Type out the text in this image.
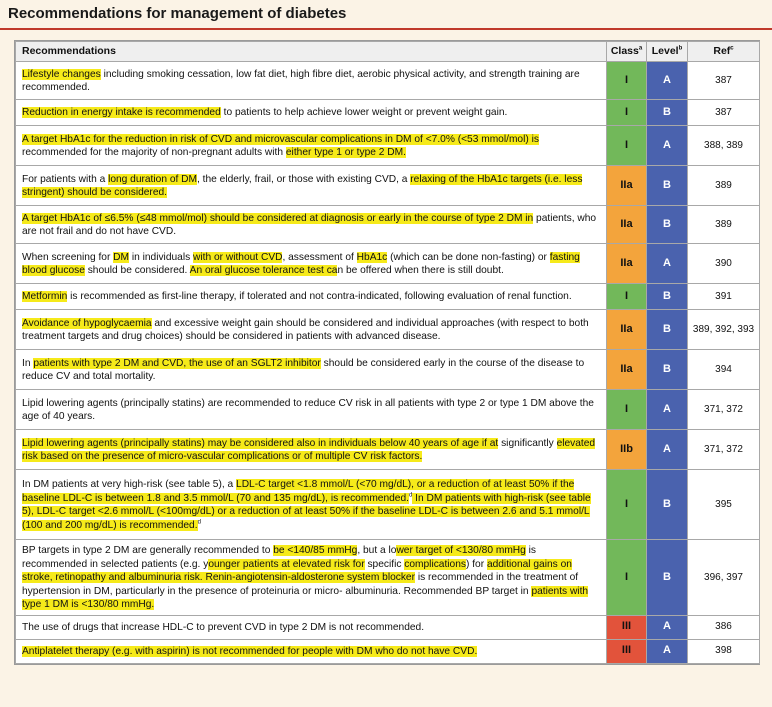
Recommendations for management of diabetes
Recommendations	Class$^a$	Level$^b$	Ref$^c$
Lifestyle changes including smoking cessation, low fat diet, high fibre diet, aerobic physical activity, and strength training are recommended.	I	A	387
Reduction in energy intake is recommended to patients to help achieve lower weight or prevent weight gain.	I	B	387
A target HbA1c for the reduction in risk of CVD and microvascular complications in DM of <7.0% (<53 mmol/mol) is recommended for the majority of non-pregnant adults with either type 1 or type 2 DM.	I	A	388, 389
For patients with a long duration of DM, the elderly, frail, or those with existing CVD, a relaxing of the HbA1c targets (i.e. less stringent) should be considered.	IIa	B	389
A target HbA1c of ≤6.5% (≤48 mmol/mol) should be considered at diagnosis or early in the course of type 2 DM in patients, who are not frail and do not have CVD.	IIa	B	389
When screening for DM in individuals with or without CVD, assessment of HbA1c (which can be done non-fasting) or fasting blood glucose should be considered. An oral glucose tolerance test can be offered when there is still doubt.	IIa	A	390
Metformin is recommended as first-line therapy, if tolerated and not contra-indicated, following evaluation of renal function.	I	B	391
Avoidance of hypoglycaemia and excessive weight gain should be considered and individual approaches (with respect to both treatment targets and drug choices) should be considered in patients with advanced disease.	IIa	B	389, 392, 393
In patients with type 2 DM and CVD, the use of an SGLT2 inhibitor should be considered early in the course of the disease to reduce CV and total mortality.	IIa	B	394
Lipid lowering agents (principally statins) are recommended to reduce CV risk in all patients with type 2 or type 1 DM above the age of 40 years.	I	A	371, 372
Lipid lowering agents (principally statins) may be considered also in individuals below 40 years of age if at significantly elevated risk based on the presence of micro-vascular complications or of multiple CV risk factors.	IIb	A	371, 372
In DM patients at very high-risk (see table 5), a LDL-C target <1.8 mmol/L (<70 mg/dL), or a reduction of at least 50% if the baseline LDL-C is between 1.8 and 3.5 mmol/L (70 and 135 mg/dL), is recommended.$^d$ In DM patients with high-risk (see table 5), LDL-C target <2.6 mmol/L (<100mg/dL) or a reduction of at least 50% if the baseline LDL-C is between 2.6 and 5.1 mmol/L (100 and 200 mg/dL) is recommended.$^d$	I	B	395
BP targets in type 2 DM are generally recommended to be <140/85 mmHg, but a lower target of <130/80 mmHg is recommended in selected patients (e.g. younger patients at elevated risk for specific complications) for additional gains on stroke, retinopathy and albuminuria risk. Renin-angiotensin-aldosterone system blocker is recommended in the treatment of hypertension in DM, particularly in the presence of proteinuria or micro- albuminuria. Recommended BP target in patients with type 1 DM is <130/80 mmHg.	I	B	396, 397
The use of drugs that increase HDL-C to prevent CVD in type 2 DM is not recommended.	III	A	386
Antiplatelet therapy (e.g. with aspirin) is not recommended for people with DM who do not have CVD.	III	A	398
